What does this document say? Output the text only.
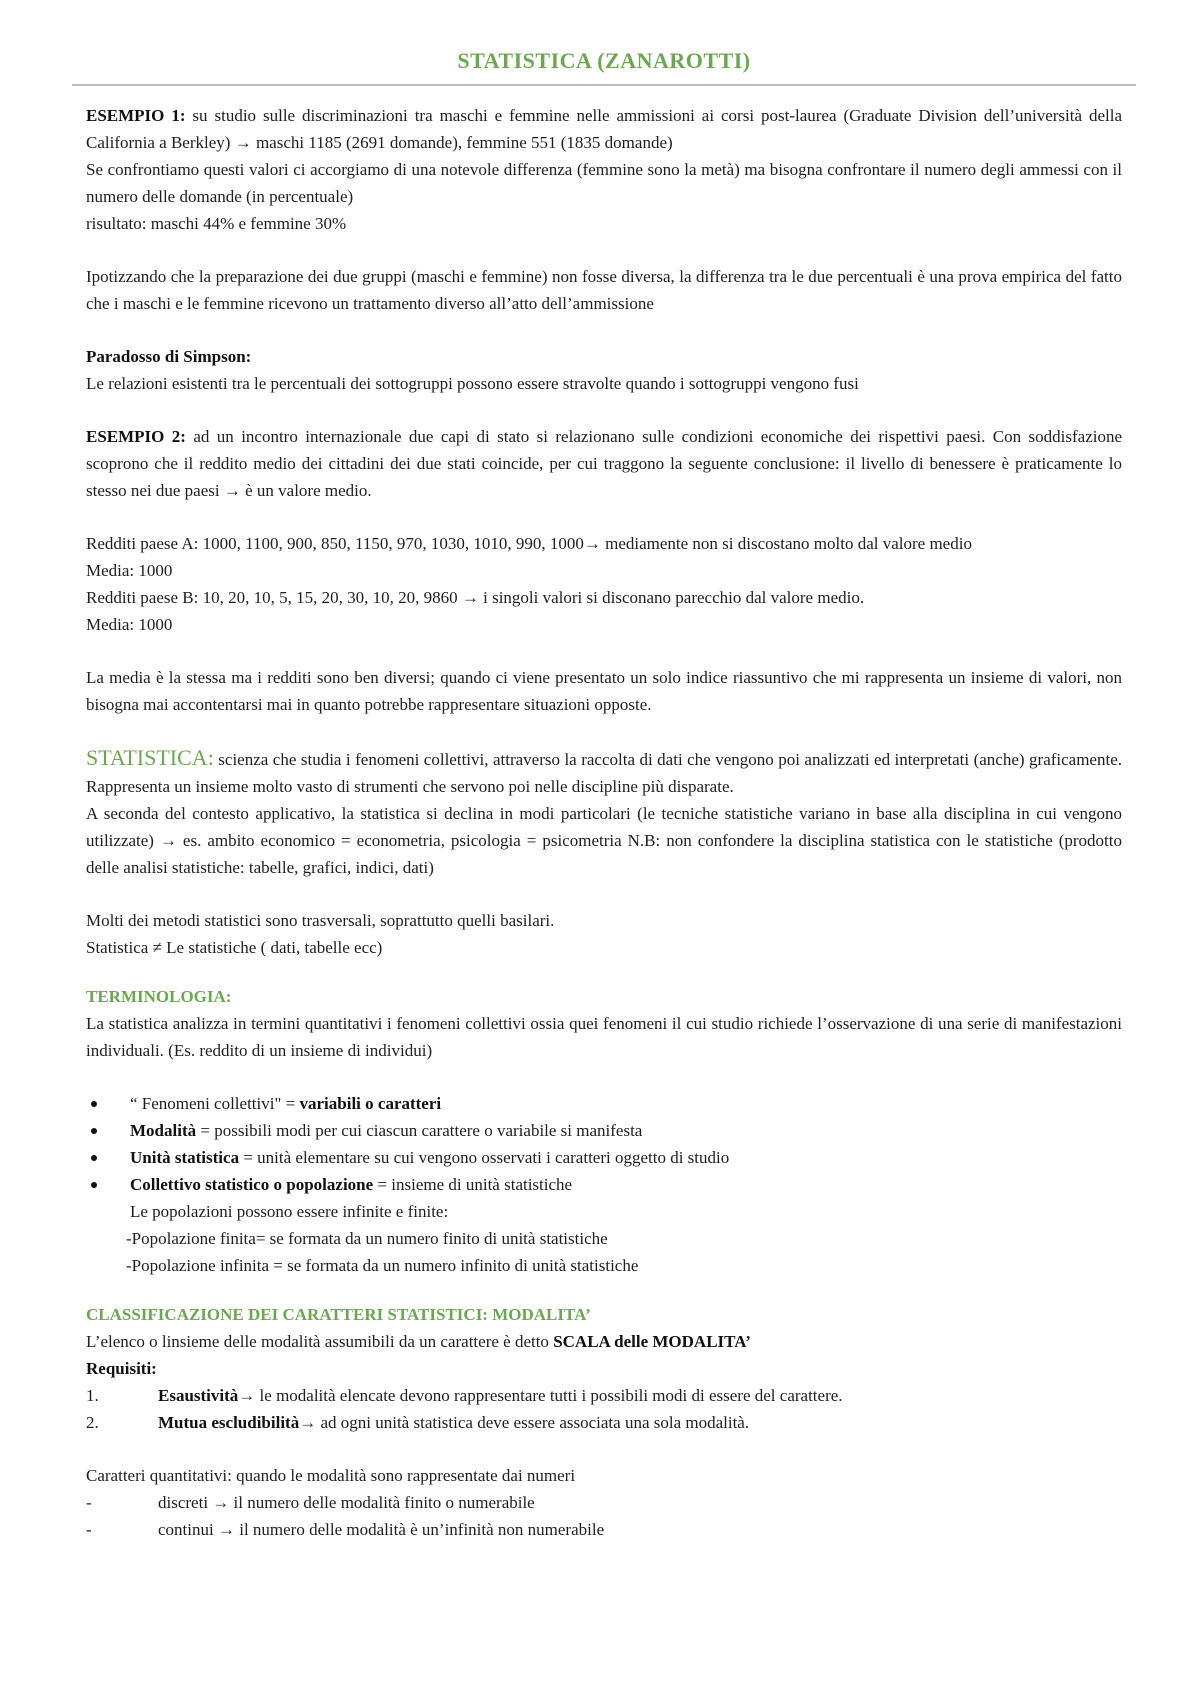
STATISTICA (ZANAROTTI)

ESEMPIO 1: su studio sulle discriminazioni tra maschi e femmine nelle ammissioni ai corsi post-laurea (Graduate Division dell’università della California a Berkley) → maschi 1185 (2691 domande), femmine 551 (1835 domande)

Se confrontiamo questi valori ci accorgiamo di una notevole differenza (femmine sono la metà) ma bisogna confrontare il numero degli ammessi con il numero delle domande (in percentuale)

risultato: maschi 44% e femmine 30%

Ipotizzando che la preparazione dei due gruppi (maschi e femmine) non fosse diversa, la differenza tra le due percentuali è una prova empirica del fatto che i maschi e le femmine ricevono un trattamento diverso all’atto dell’ammissione

Paradosso di Simpson:

Le relazioni esistenti tra le percentuali dei sottogruppi possono essere stravolte quando i sottogruppi vengono fusi

ESEMPIO 2: ad un incontro internazionale due capi di stato si relazionano sulle condizioni economiche dei rispettivi paesi. Con soddisfazione scoprono che il reddito medio dei cittadini dei due stati coincide, per cui traggono la seguente conclusione: il livello di benessere è praticamente lo stesso nei due paesi → è un valore medio.

Redditi paese A: 1000, 1100, 900, 850, 1150, 970, 1030, 1010, 990, 1000→ mediamente non si discostano molto dal valore medio

Media: 1000

Redditi paese B: 10, 20, 10, 5, 15, 20, 30, 10, 20, 9860 → i singoli valori si disconano parecchio dal valore medio.

Media: 1000

La media è la stessa ma i redditi sono ben diversi; quando ci viene presentato un solo indice riassuntivo che mi rappresenta un insieme di valori, non bisogna mai accontentarsi mai in quanto potrebbe rappresentare situazioni opposte.

STATISTICA: scienza che studia i fenomeni collettivi, attraverso la raccolta di dati che vengono poi analizzati ed interpretati (anche) graficamente. Rappresenta un insieme molto vasto di strumenti che servono poi nelle discipline più disparate.

A seconda del contesto applicativo, la statistica si declina in modi particolari (le tecniche statistiche variano in base alla disciplina in cui vengono utilizzate) → es. ambito economico = econometria, psicologia = psicometria N.B: non confondere la disciplina statistica con le statistiche (prodotto delle analisi statistiche: tabelle, grafici, indici, dati)

Molti dei metodi statistici sono trasversali, soprattutto quelli basilari.

Statistica ≠ Le statistiche ( dati, tabelle ecc)

TERMINOLOGIA:

La statistica analizza in termini quantitativi i fenomeni collettivi ossia quei fenomeni il cui studio richiede l’osservazione di una serie di manifestazioni individuali. (Es. reddito di un insieme di individui)

“ Fenomeni collettivi" = variabili o caratteri
Modalità = possibili modi per cui ciascun carattere o variabile si manifesta
Unità statistica = unità elementare su cui vengono osservati i caratteri oggetto di studio
Collettivo statistico o popolazione = insieme di unità statistiche
Le popolazioni possono essere infinite e finite:
-Popolazione finita= se formata da un numero finito di unità statistiche
-Popolazione infinita = se formata da un numero infinito di unità statistiche

CLASSIFICAZIONE DEI CARATTERI STATISTICI: MODALITA’

L’elenco o linsieme delle modalità assumibili da un carattere è detto SCALA delle MODALITA’

Requisiti:

1.	Esaustività→ le modalità elencate devono rappresentare tutti i possibili modi di essere del carattere.
2.	Mutua escludibilità→ ad ogni unità statistica deve essere associata una sola modalità.

Caratteri quantitativi: quando le modalità sono rappresentate dai numeri

-	discreti → il numero delle modalità finito o numerabile
-	continui → il numero delle modalità è un’infinità non numerabile
